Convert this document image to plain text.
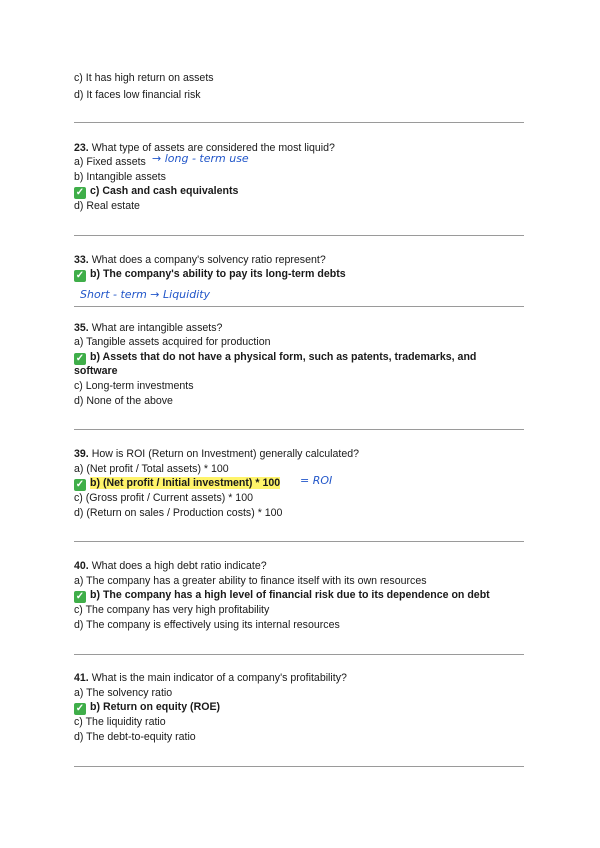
c) It has high return on assets
d) It faces low financial risk
23. What type of assets are considered the most liquid?
a) Fixed assets → long - term use
b) Intangible assets
✓ c) Cash and cash equivalents
d) Real estate
33. What does a company's solvency ratio represent?
✓ b) The company's ability to pay its long-term debts
Short - term → Liquidity
35. What are intangible assets?
a) Tangible assets acquired for production
✓ b) Assets that do not have a physical form, such as patents, trademarks, and
software
c) Long-term investments
d) None of the above
39. How is ROI (Return on Investment) generally calculated?
a) (Net profit / Total assets) * 100
✓ b) (Net profit / Initial investment) * 100 = ROI
c) (Gross profit / Current assets) * 100
d) (Return on sales / Production costs) * 100
40. What does a high debt ratio indicate?
a) The company has a greater ability to finance itself with its own resources
✓ b) The company has a high level of financial risk due to its dependence on debt
c) The company has very high profitability
d) The company is effectively using its internal resources
41. What is the main indicator of a company's profitability?
a) The solvency ratio
✓ b) Return on equity (ROE)
c) The liquidity ratio
d) The debt-to-equity ratio
